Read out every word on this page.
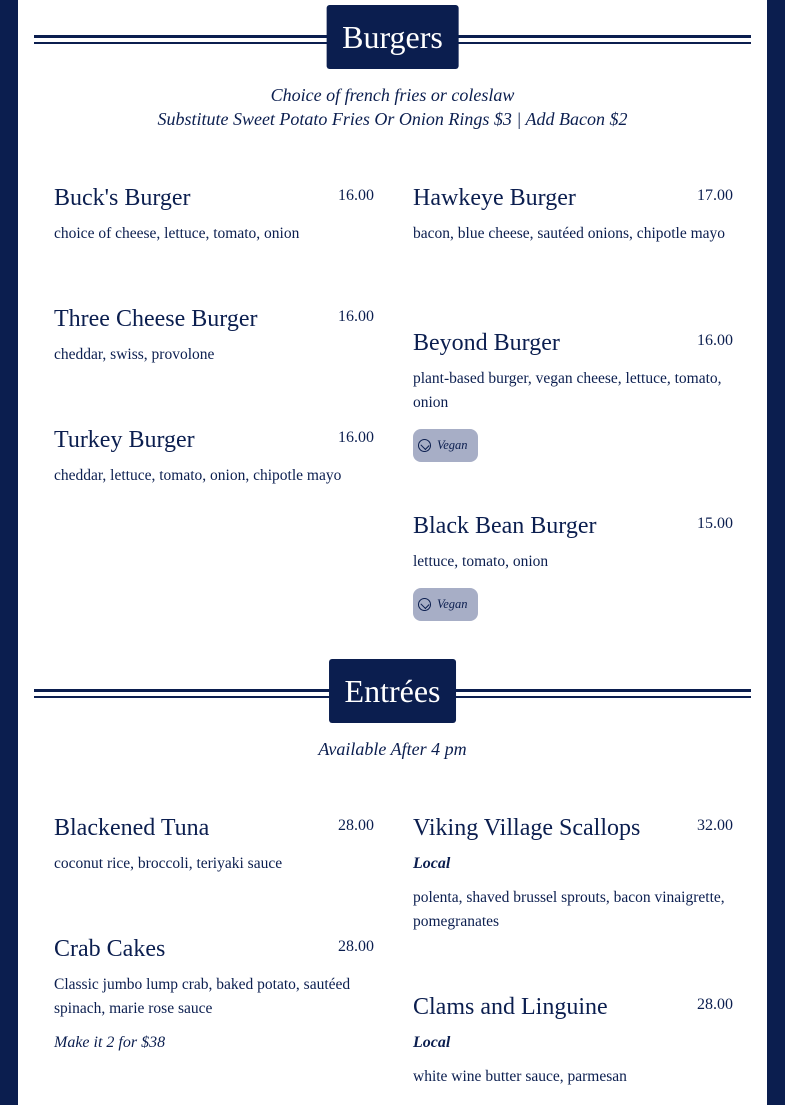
Burgers
Choice of french fries or coleslaw
Substitute Sweet Potato Fries Or Onion Rings $3 | Add Bacon $2
Buck's Burger	16.00
choice of cheese, lettuce, tomato, onion
Three Cheese Burger	16.00
cheddar, swiss, provolone
Turkey Burger	16.00
cheddar, lettuce, tomato, onion, chipotle mayo
Hawkeye Burger	17.00
bacon, blue cheese, sautéed onions, chipotle mayo
Beyond Burger	16.00
plant-based burger, vegan cheese, lettuce, tomato, onion
Vegan
Black Bean Burger	15.00
lettuce, tomato, onion
Vegan
Entrées
Available After 4 pm
Blackened Tuna	28.00
coconut rice, broccoli, teriyaki sauce
Crab Cakes	28.00
Classic jumbo lump crab, baked potato, sautéed spinach, marie rose sauce
Make it 2 for $38
Viking Village Scallops	32.00
Local
polenta, shaved brussel sprouts, bacon vinaigrette, pomegranates
Clams and Linguine	28.00
Local
white wine butter sauce, parmesan
